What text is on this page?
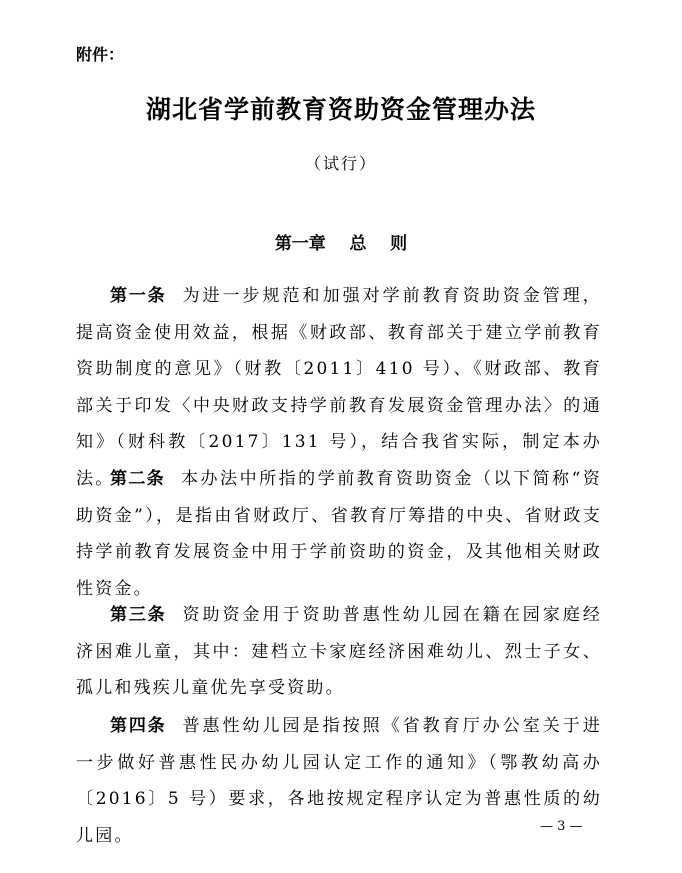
附件：
湖北省学前教育资助资金管理办法
（试行）
第一章    总    则

第一条 为进一步规范和加强对学前教育资助资金管理，提高资金使用效益，根据《财政部、教育部关于建立学前教育资助制度的意见》（财教〔2011〕410 号）、《财政部、教育部关于印发〈中央财政支持学前教育发展资金管理办法〉的通知》（财科教〔2017〕131 号），结合我省实际，制定本办法。

第二条 本办法中所指的学前教育资助资金（以下简称“资助资金”），是指由省财政厅、省教育厅筹措的中央、省财政支持学前教育发展资金中用于学前资助的资金，及其他相关财政性资金。

第三条 资助资金用于资助普惠性幼儿园在籍在园家庭经济困难儿童，其中：建档立卡家庭经济困难幼儿、烈士子女、孤儿和残疾儿童优先享受资助。

第四条 普惠性幼儿园是指按照《省教育厅办公室关于进一步做好普惠性民办幼儿园认定工作的通知》（鄂教幼高办〔2016〕5 号）要求，各地按规定程序认定为普惠性质的幼儿园。	— 3 —
